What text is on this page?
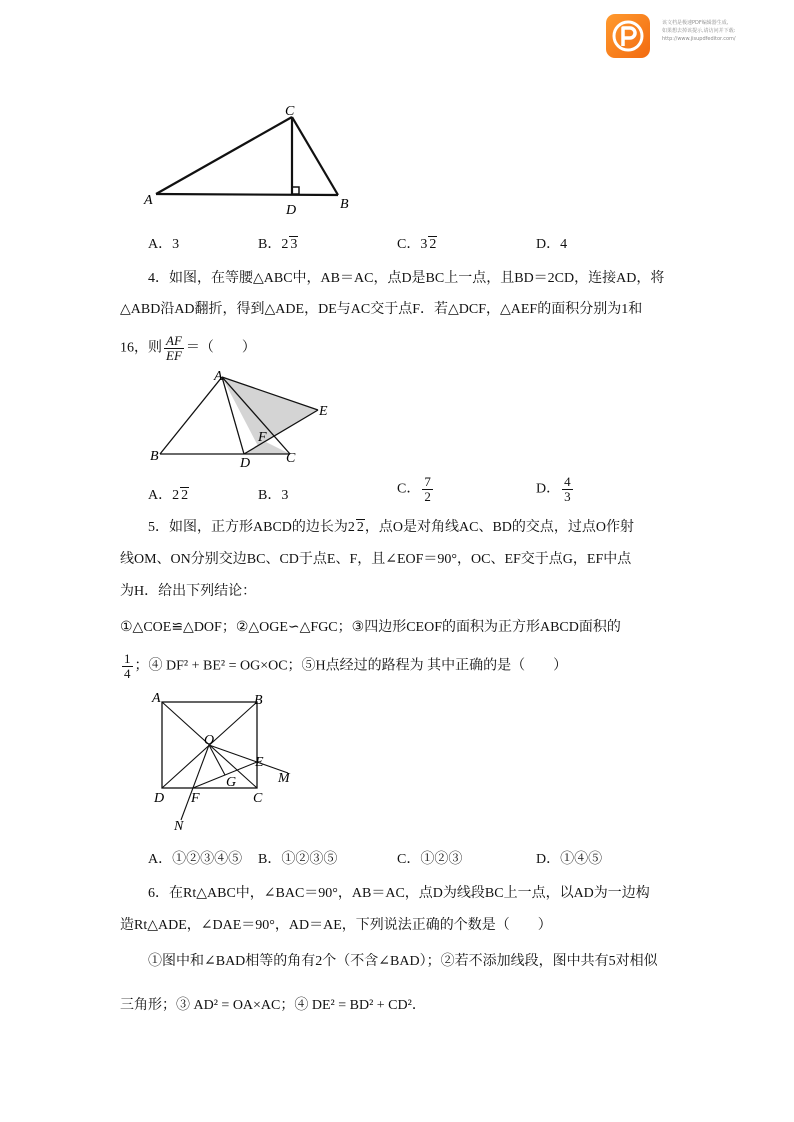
该文档是极速PDF编辑器生成,
如果想去掉该提示,请访问并下载:
http://www.jisupdfeditor.com/
A
C
D	B
A．3	B．2 3	C．3 2	D．4
4．如图，在等腰△ABC中，AB＝AC，点D是BC上一点，且BD＝2CD，连接AD，将
△ABD沿AD翻折，得到△ADE，DE与AC交于点F．若△DCF，△AEF的面积分别为1和
16，则 $\frac{AF}{EF}$ ＝（　　）
A
B	D	C
F
E
A．2 2	B．3	C． $\frac{7}{2}$	D． $\frac{4}{3}$
5．如图，正方形ABCD的边长为2 2，点O是对角线AC、BD的交点，过点O作射
线OM、ON分别交边BC、CD于点E、F，且∠EOF＝90°，OC、EF交于点G，EF中点
为H．给出下列结论：
①△COE≌△DOF；②△OGE∽△FGC；③四边形CEOF的面积为正方形ABCD面积的
$\frac{1}{4}$ ；④ DF² + BE² = OG×OC；⑤H点经过的路程为 其中正确的是（　　）
A	B
O
E
M
G
D F	C
N
A．①②③④⑤ B．①②③⑤	C．①②③	D．①④⑤
6．在Rt△ABC中，∠BAC＝90°，AB＝AC，点D为线段BC上一点，以AD为一边构
造Rt△ADE，∠DAE＝90°，AD＝AE，下列说法正确的个数是（　　）
①图中和∠BAD相等的角有2个（不含∠BAD）；②若不添加线段，图中共有5对相似
三角形；③ AD² = OA×AC；④ DE² = BD² + CD²．
